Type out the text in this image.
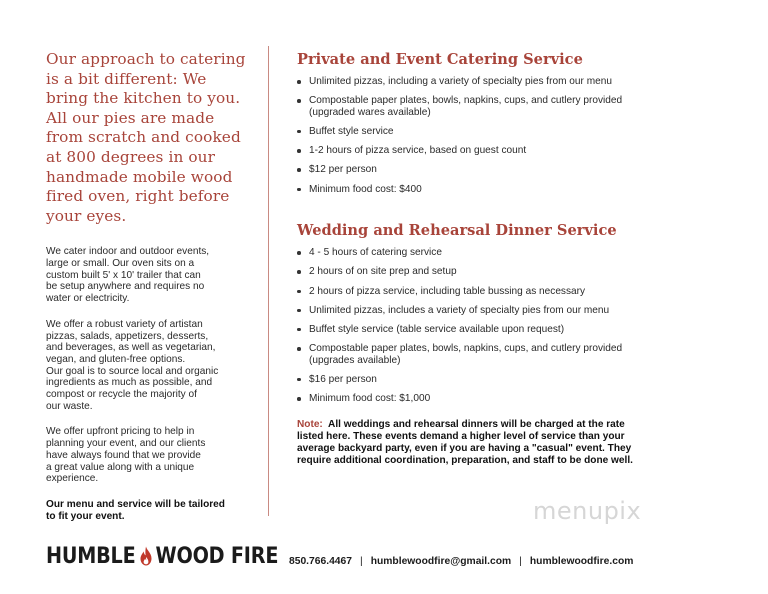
Our approach to catering
is a bit different: We
bring the kitchen to you.
All our pies are made
from scratch and cooked
at 800 degrees in our
handmade mobile wood
fired oven, right before
your eyes.

We cater indoor and outdoor events,
large or small. Our oven sits on a
custom built 5' x 10' trailer that can
be setup anywhere and requires no
water or electricity.

We offer a robust variety of artistan
pizzas, salads, appetizers, desserts,
and beverages, as well as vegetarian,
vegan, and gluten-free options.
Our goal is to source local and organic
ingredients as much as possible, and
compost or recycle the majority of
our waste.

We offer upfront pricing to help in
planning your event, and our clients
have always found that we provide
a great value along with a unique
experience.

Our menu and service will be tailored
to fit your event.

Private and Event Catering Service
Unlimited pizzas, including a variety of specialty pies from our menu
Compostable paper plates, bowls, napkins, cups, and cutlery provided
(upgraded wares available)
Buffet style service
1-2 hours of pizza service, based on guest count
$12 per person
Minimum food cost: $400
Wedding and Rehearsal Dinner Service
4 - 5 hours of catering service
2 hours of on site prep and setup
2 hours of pizza service, including table bussing as necessary
Unlimited pizzas, includes a variety of specialty pies from our menu
Buffet style service (table service available upon request)
Compostable paper plates, bowls, napkins, cups, and cutlery provided
(upgrades available)
$16 per person
Minimum food cost: $1,000
Note:  All weddings and rehearsal dinners will be charged at the rate
listed here. These events demand a higher level of service than your
average backyard party, even if you are having a "casual" event. They
require additional coordination, preparation, and staff to be done well.
menupix
HUMBLE WOOD FIRE 850.766.4467 | humblewoodfire@gmail.com | humblewoodfire.com
